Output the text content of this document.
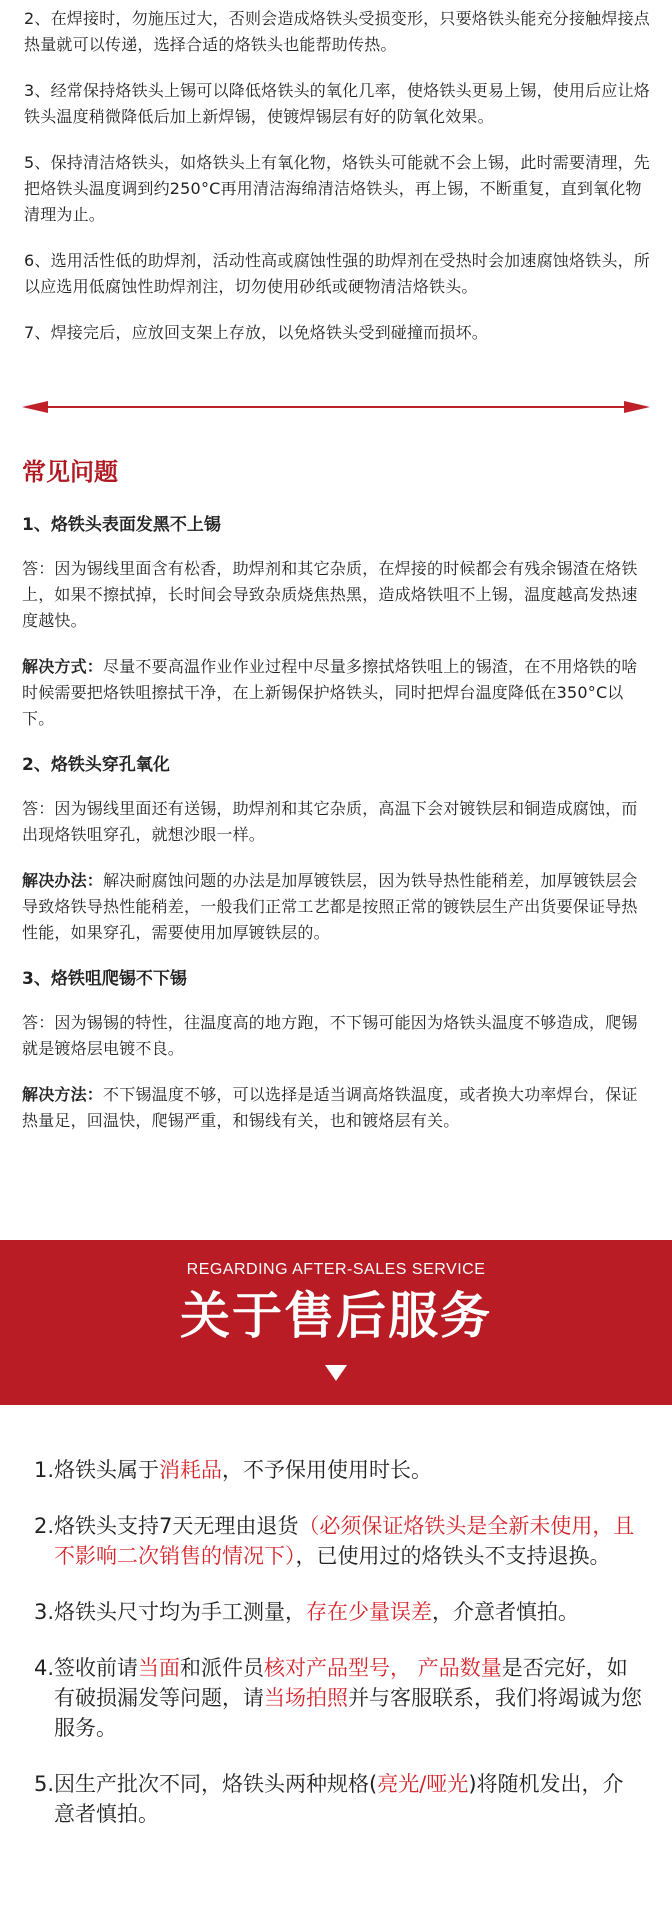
2、在焊接时，勿施压过大，否则会造成烙铁头受损变形，只要烙铁头能充分接触焊接点热量就可以传递，选择合适的烙铁头也能帮助传热。

3、经常保持烙铁头上锡可以降低烙铁头的氧化几率，使烙铁头更易上锡，使用后应让烙铁头温度稍微降低后加上新焊锡，使镀焊锡层有好的防氧化效果。

5、保持清洁烙铁头，如烙铁头上有氧化物，烙铁头可能就不会上锡，此时需要清理，先把烙铁头温度调到约250°C再用清洁海绵清洁烙铁头，再上锡，不断重复，直到氧化物清理为止。

6、选用活性低的助焊剂，活动性高或腐蚀性强的助焊剂在受热时会加速腐蚀烙铁头，所以应选用低腐蚀性助焊剂注，切勿使用砂纸或硬物清洁烙铁头。

7、焊接完后，应放回支架上存放，以免烙铁头受到碰撞而损坏。

常见问题

1、烙铁头表面发黑不上锡

答：因为锡线里面含有松香，助焊剂和其它杂质，在焊接的时候都会有残余锡渣在烙铁上，如果不擦拭掉，长时间会导致杂质烧焦热黑，造成烙铁咀不上锡，温度越高发热速度越快。

解决方式：尽量不要高温作业作业过程中尽量多擦拭烙铁咀上的锡渣，在不用烙铁的啥时候需要把烙铁咀擦拭干净，在上新锡保护烙铁头，同时把焊台温度降低在350°C以下。

2、烙铁头穿孔氧化

答：因为锡线里面还有送锡，助焊剂和其它杂质，高温下会对镀铁层和铜造成腐蚀，而出现烙铁咀穿孔，就想沙眼一样。

解决办法：解决耐腐蚀问题的办法是加厚镀铁层，因为铁导热性能稍差，加厚镀铁层会导致烙铁导热性能稍差，一般我们正常工艺都是按照正常的镀铁层生产出货要保证导热性能，如果穿孔，需要使用加厚镀铁层的。

3、烙铁咀爬锡不下锡

答：因为锡锡的特性，往温度高的地方跑，不下锡可能因为烙铁头温度不够造成，爬锡就是镀烙层电镀不良。

解决方法：不下锡温度不够，可以选择是适当调高烙铁温度，或者换大功率焊台，保证热量足，回温快，爬锡严重，和锡线有关，也和镀烙层有关。

REGARDING AFTER-SALES SERVICE
关于售后服务
1. 烙铁头属于消耗品，不予保用使用时长。
2. 烙铁头支持7天无理由退货（必须保证烙铁头是全新未使用，且不影响二次销售的情况下），已使用过的烙铁头不支持退换。
3. 烙铁头尺寸均为手工测量，存在少量误差，介意者慎拍。
4. 签收前请当面和派件员核对产品型号， 产品数量是否完好，如有破损漏发等问题，请当场拍照并与客服联系，我们将竭诚为您服务。
5. 因生产批次不同，烙铁头两种规格(亮光/哑光)将随机发出，介意者慎拍。
